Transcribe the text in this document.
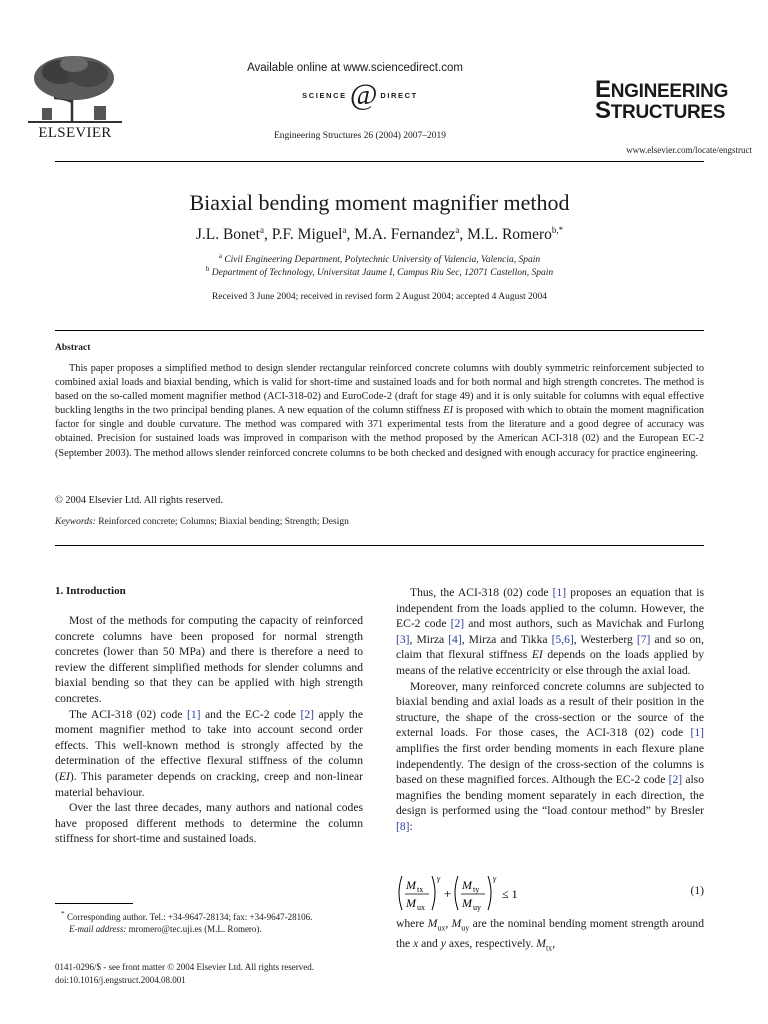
ELSEVIER
Available online at www.sciencedirect.com
SCIENCE @ DIRECT
Engineering Structures 26 (2004) 2007–2019
ENGINEERING
STRUCTURES
www.elsevier.com/locate/engstruct
Biaxial bending moment magnifier method
J.L. Bonet$^a$, P.F. Miguel$^a$, M.A. Fernandez$^a$, M.L. Romero$^{b,*}$
$^a$ Civil Engineering Department, Polytechnic University of Valencia, Valencia, Spain
$^b$ Department of Technology, Universitat Jaume I, Campus Riu Sec, 12071 Castellon, Spain
Received 3 June 2004; received in revised form 2 August 2004; accepted 4 August 2004
Abstract
This paper proposes a simplified method to design slender rectangular reinforced concrete columns with doubly symmetric reinforcement subjected to combined axial loads and biaxial bending, which is valid for short-time and sustained loads and for both normal and high strength concretes. The method is based on the so-called moment magnifier method (ACI-318-02) and EuroCode-2 (draft for stage 49) and it is only suitable for columns with equal effective buckling lengths in the two principal bending planes. A new equation of the column stiffness EI is proposed with which to obtain the moment magnification factor for single and double curvature. The method was compared with 371 experimental tests from the literature and a good degree of accuracy was obtained. Precision for sustained loads was improved in comparison with the method proposed by the American ACI-318 (02) and the European EC-2 (September 2003). The method allows slender reinforced concrete columns to be both checked and designed with enough accuracy for practice engineering.
© 2004 Elsevier Ltd. All rights reserved.
Keywords: Reinforced concrete; Columns; Biaxial bending; Strength; Design
1. Introduction

Most of the methods for computing the capacity of reinforced concrete columns have been proposed for normal strength concretes (lower than 50 MPa) and there is therefore a need to review the different simplified methods for slender columns and biaxial bending so that they can be applied with high strength concretes.

The ACI-318 (02) code [1] and the EC-2 code [2] apply the moment magnifier method to take into account second order effects. This well-known method is strongly affected by the determination of the effective flexural stiffness of the column (EI). This parameter depends on cracking, creep and non-linear material behaviour.

Over the last three decades, many authors and national codes have proposed different methods to determine the column stiffness for short-time and sustained loads.

* Corresponding author. Tel.: +34-9647-28134; fax: +34-9647-28106.

E-mail address: mromero@tec.uji.es (M.L. Romero).

0141-0296/$ - see front matter © 2004 Elsevier Ltd. All rights reserved.
doi:10.1016/j.engstruct.2004.08.001

Thus, the ACI-318 (02) code [1] proposes an equation that is independent from the loads applied to the column. However, the EC-2 code [2] and most authors, such as Mavichak and Furlong [3], Mirza [4], Mirza and Tikka [5,6], Westerberg [7] and so on, claim that flexural stiffness EI depends on the loads applied by means of the relative eccentricity or else through the axial load.

Moreover, many reinforced concrete columns are subjected to biaxial bending and axial loads as a result of their position in the structure, the shape of the cross-section or the source of the external loads. For those cases, the ACI-318 (02) code [1] amplifies the first order bending moments in each flexure plane independently. The design of the cross-section of the columns is based on these magnified forces. Although the EC-2 code [2] also magnifies the bending moment separately in each direction, the design is performed using the “load contour method” by Bresler [8]:

M tx
M ux
γ
+
M ty
M uy
γ
≤ 1	(1)

where $M_{ux}$, $M_{uy}$ are the nominal bending moment strength around the x and y axes, respectively. $M_{tx}$,
